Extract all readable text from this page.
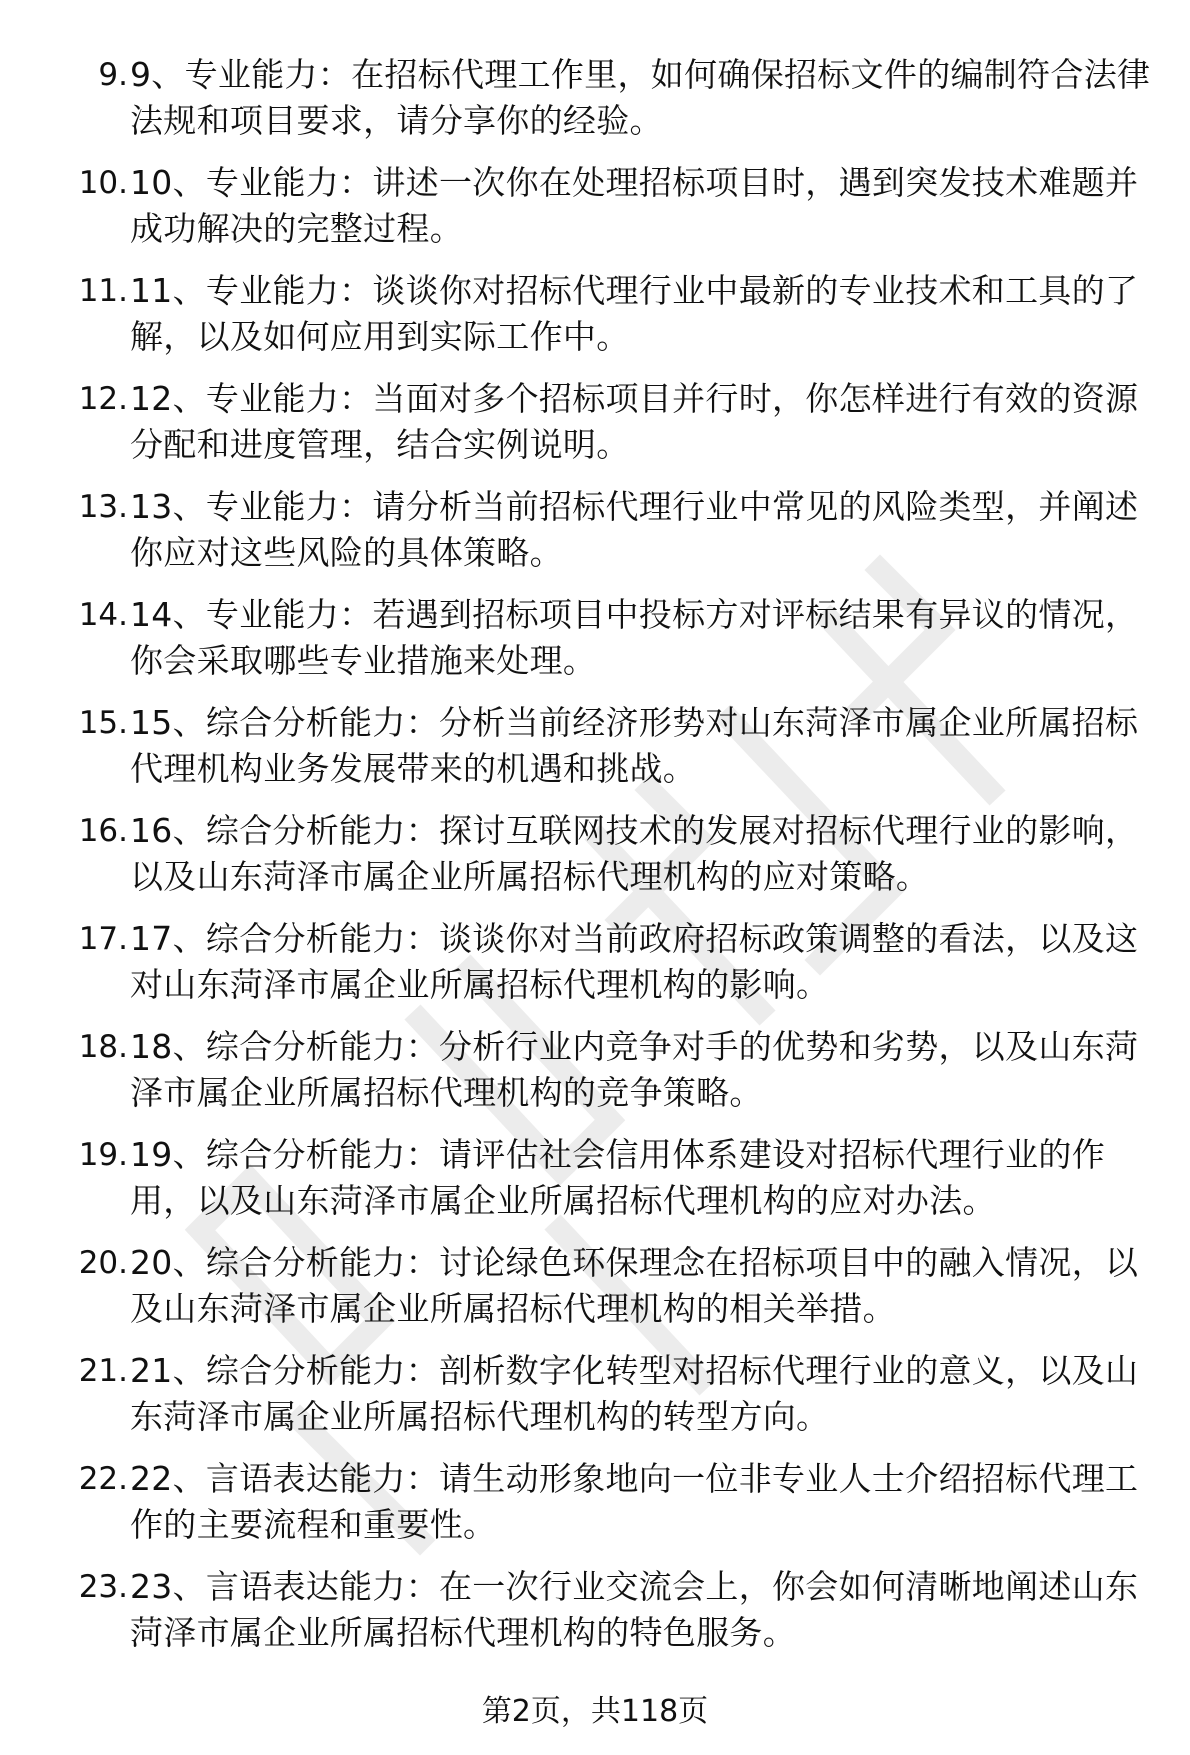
9. 9、专业能力：在招标代理工作里，如何确保招标文件的编制符合法律法规和项目要求，请分享你的经验。
10. 10、专业能力：讲述一次你在处理招标项目时，遇到突发技术难题并成功解决的完整过程。
11. 11、专业能力：谈谈你对招标代理行业中最新的专业技术和工具的了解，以及如何应用到实际工作中。
12. 12、专业能力：当面对多个招标项目并行时，你怎样进行有效的资源分配和进度管理，结合实例说明。
13. 13、专业能力：请分析当前招标代理行业中常见的风险类型，并阐述你应对这些风险的具体策略。
14. 14、专业能力：若遇到招标项目中投标方对评标结果有异议的情况，你会采取哪些专业措施来处理。
15. 15、综合分析能力：分析当前经济形势对山东菏泽市属企业所属招标代理机构业务发展带来的机遇和挑战。
16. 16、综合分析能力：探讨互联网技术的发展对招标代理行业的影响，以及山东菏泽市属企业所属招标代理机构的应对策略。
17. 17、综合分析能力：谈谈你对当前政府招标政策调整的看法，以及这对山东菏泽市属企业所属招标代理机构的影响。
18. 18、综合分析能力：分析行业内竞争对手的优势和劣势，以及山东菏泽市属企业所属招标代理机构的竞争策略。
19. 19、综合分析能力：请评估社会信用体系建设对招标代理行业的作用，以及山东菏泽市属企业所属招标代理机构的应对办法。
20. 20、综合分析能力：讨论绿色环保理念在招标项目中的融入情况，以及山东菏泽市属企业所属招标代理机构的相关举措。
21. 21、综合分析能力：剖析数字化转型对招标代理行业的意义，以及山东菏泽市属企业所属招标代理机构的转型方向。
22. 22、言语表达能力：请生动形象地向一位非专业人士介绍招标代理工作的主要流程和重要性。
23. 23、言语表达能力：在一次行业交流会上，你会如何清晰地阐述山东菏泽市属企业所属招标代理机构的特色服务。
第2页，共118页
